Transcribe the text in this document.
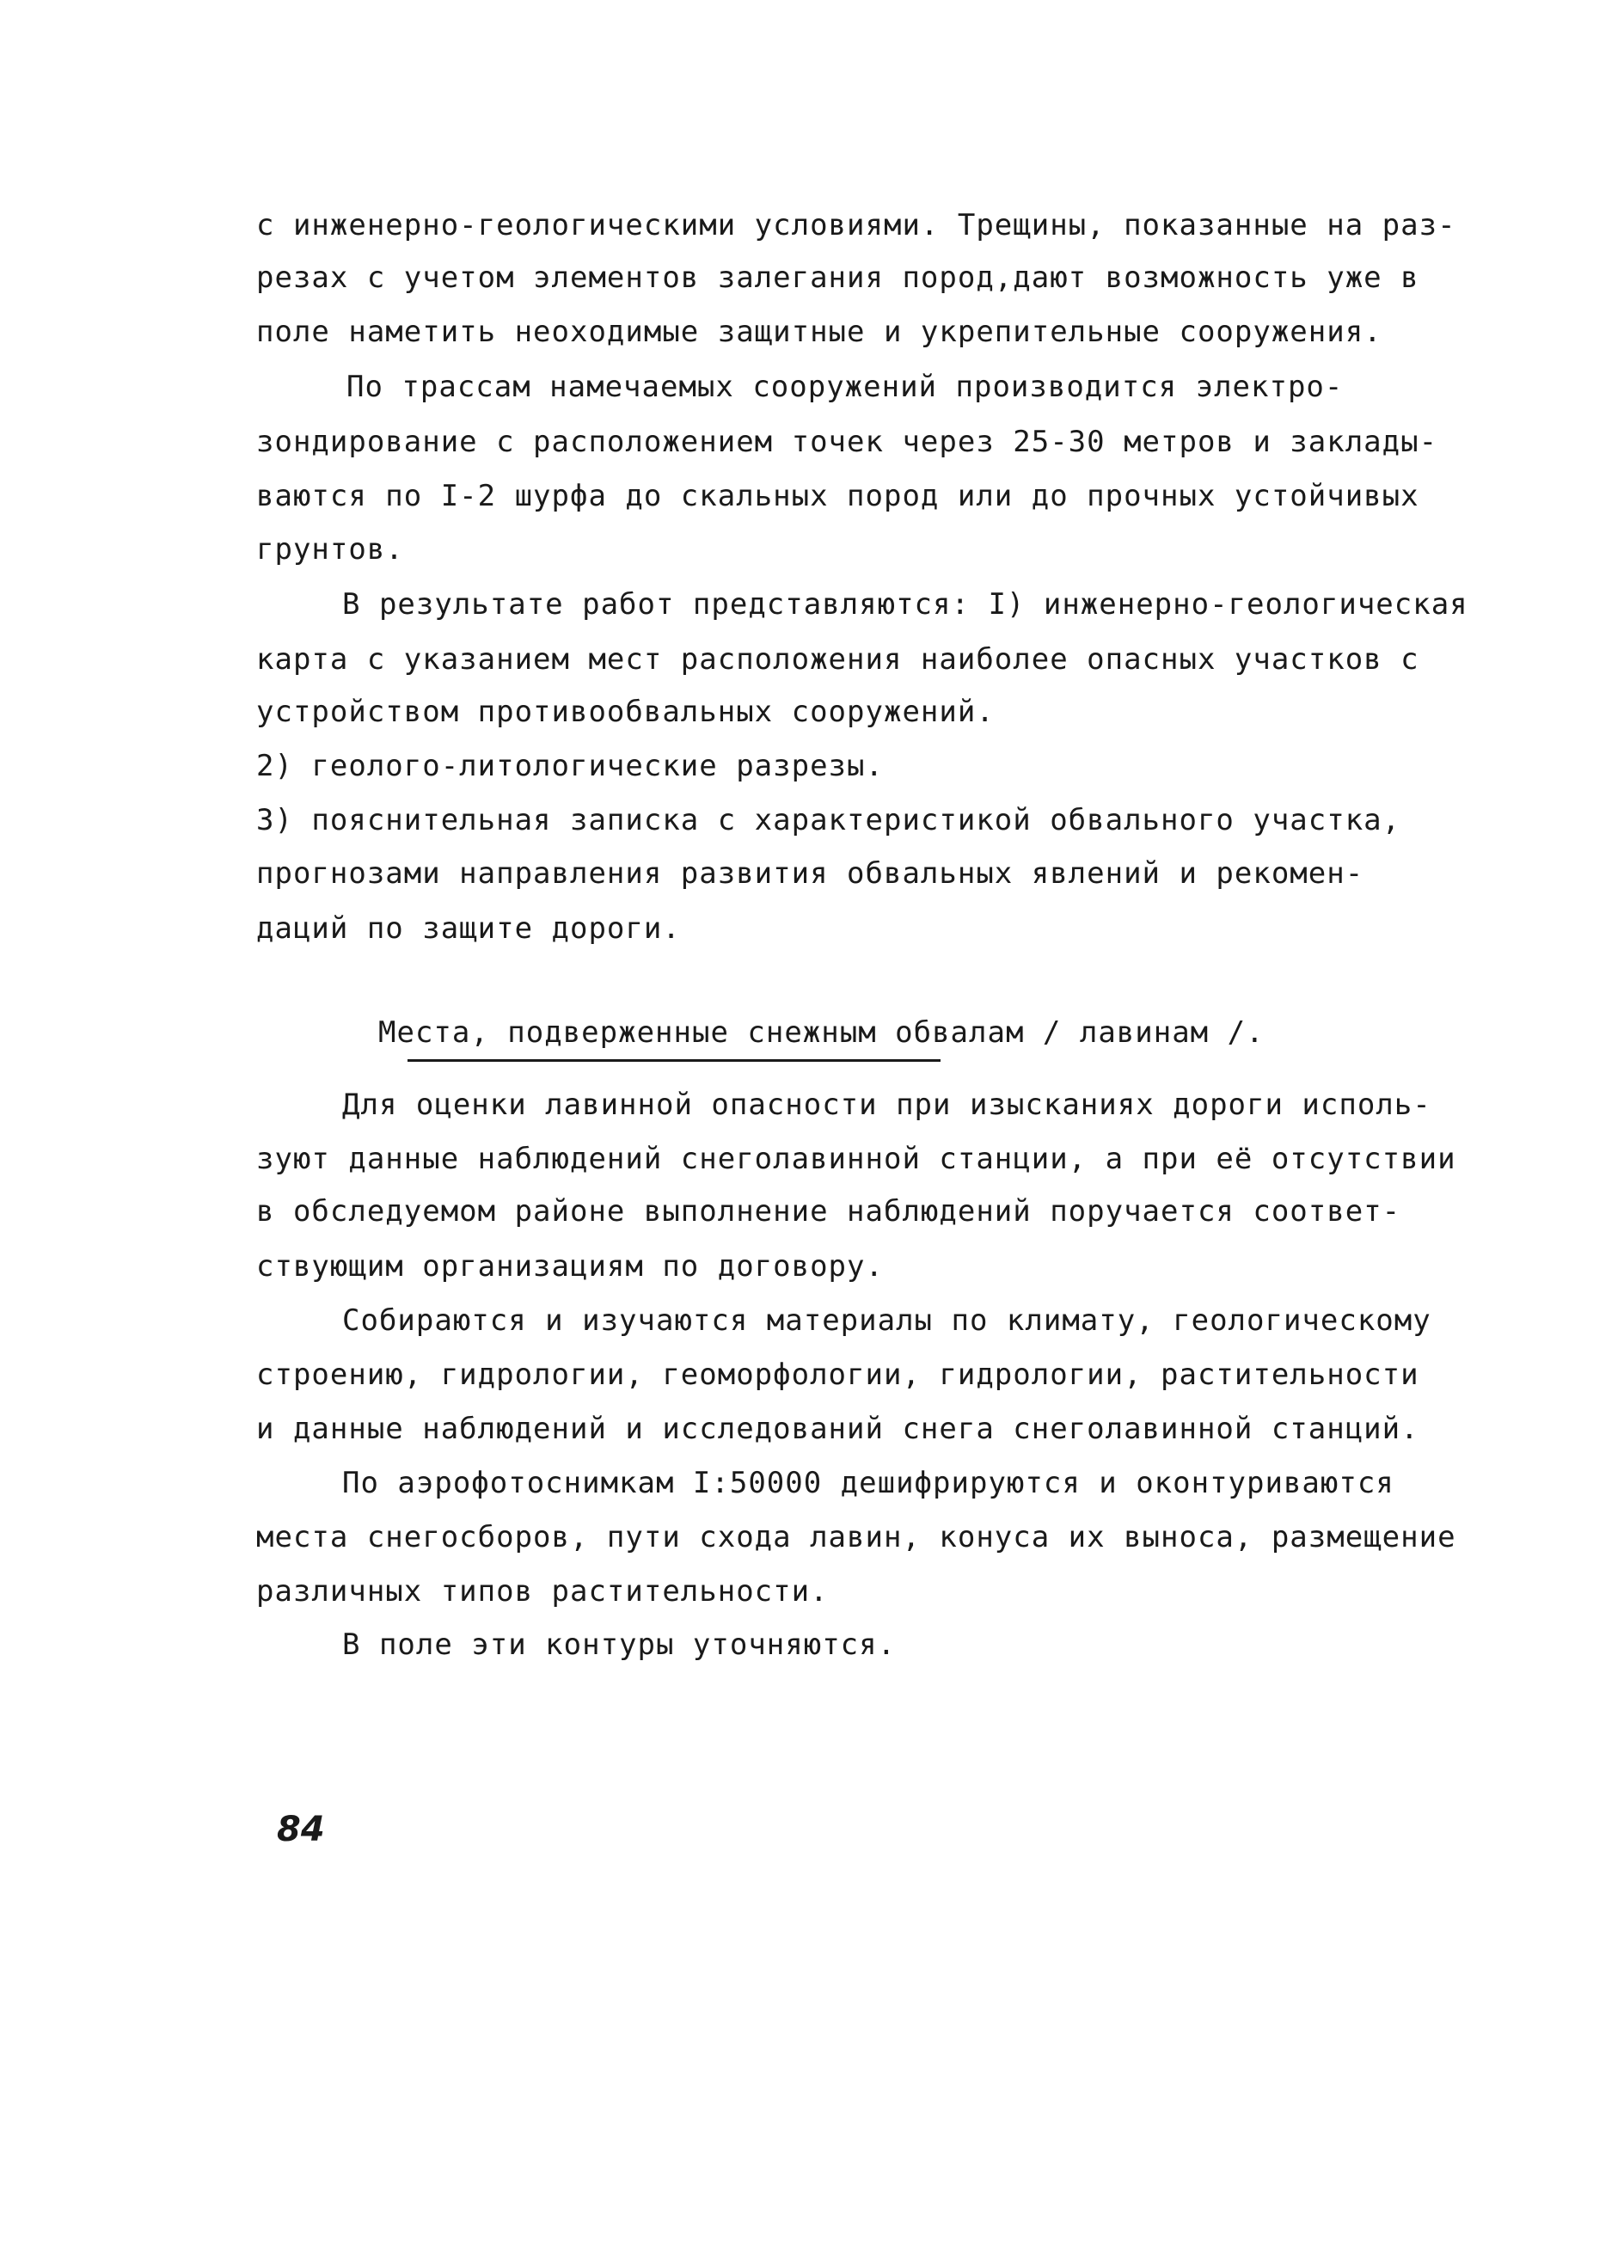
с инженерно-геологическими условиями. Трещины, показанные на раз-
резах с учетом элементов залегания пород,дают возможность уже в
поле наметить неоходимые защитные и укрепительные сооружения.
По трассам намечаемых сооружений производится электро-
зондирование с расположением точек через 25-30 метров и заклады-
ваются по I-2 шурфа до скальных пород или до прочных устойчивых
грунтов.
В результате работ представляются: I) инженерно-геологическая
карта с указанием мест расположения наиболее опасных участков с
устройством противообвальных сооружений.
2) геолого-литологические разрезы.
3) пояснительная записка с характеристикой обвального участка,
прогнозами направления развития обвальных явлений и рекомен-
даций по защите дороги.
Места, подверженные снежным обвалам / лавинам /.
Для оценки лавинной опасности при изысканиях дороги исполь-
зуют данные наблюдений снеголавинной станции, а при её отсутствии
в обследуемом районе выполнение наблюдений поручается соответ-
ствующим организациям по договору.
Собираются и изучаются материалы по климату, геологическому
строению, гидрологии, геоморфологии, гидрологии, растительности
и данные наблюдений и исследований снега снеголавинной станций.
По аэрофотоснимкам I:50000 дешифрируются и оконтуриваются
места снегосборов, пути схода лавин, конуса их выноса, размещение
различных типов растительности.
В поле эти контуры уточняются.
84
